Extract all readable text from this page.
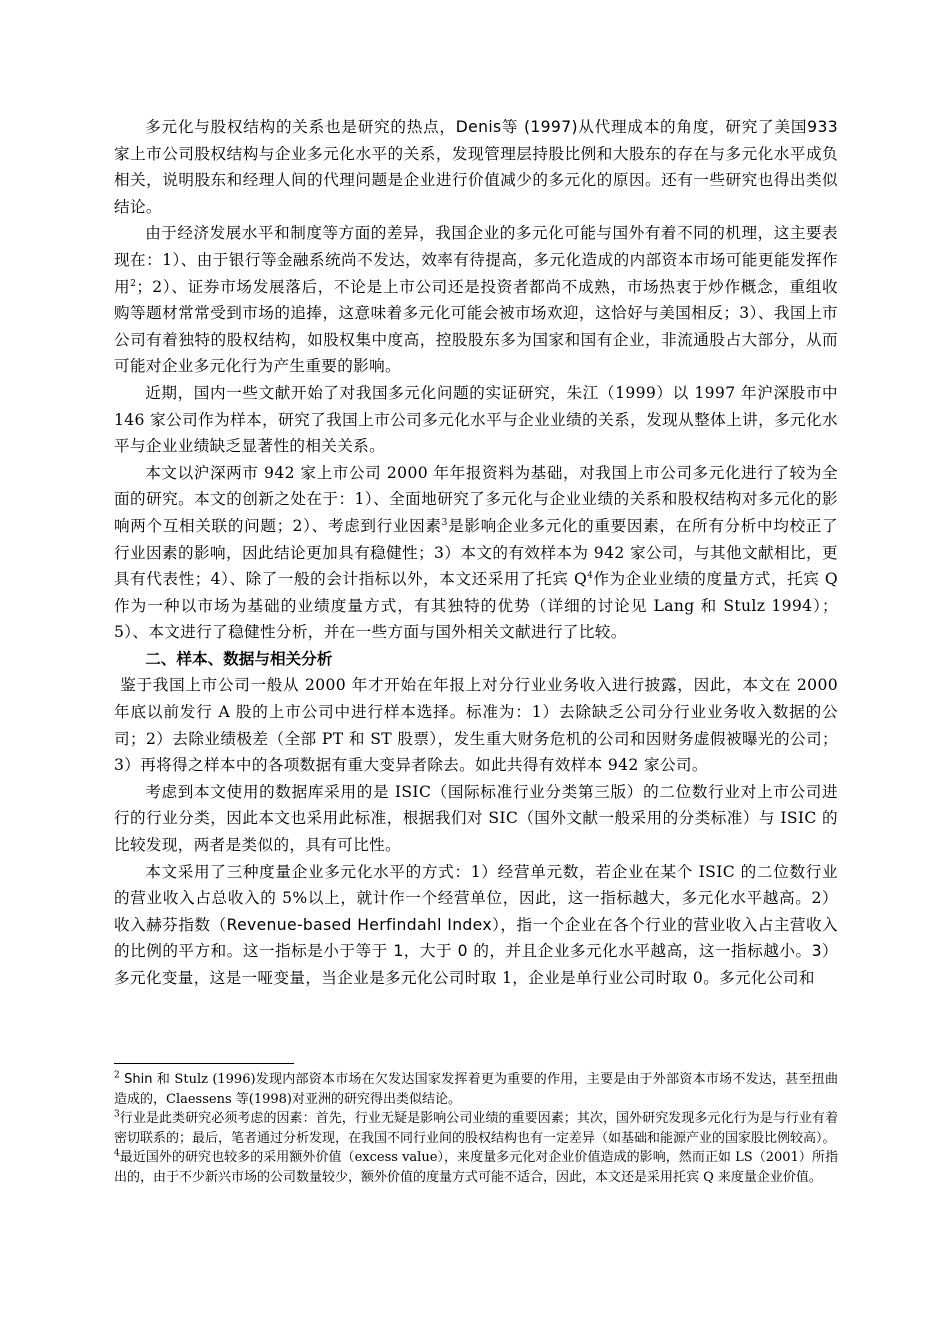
多元化与股权结构的关系也是研究的热点，Denis等 (1997)从代理成本的角度，研究了美国933家上市公司股权结构与企业多元化水平的关系，发现管理层持股比例和大股东的存在与多元化水平成负相关，说明股东和经理人间的代理问题是企业进行价值减少的多元化的原因。还有一些研究也得出类似结论。

由于经济发展水平和制度等方面的差异，我国企业的多元化可能与国外有着不同的机理，这主要表现在：1）、由于银行等金融系统尚不发达，效率有待提高，多元化造成的内部资本市场可能更能发挥作用$^2$；2）、证券市场发展落后，不论是上市公司还是投资者都尚不成熟，市场热衷于炒作概念，重组收购等题材常常受到市场的追捧，这意味着多元化可能会被市场欢迎，这恰好与美国相反；3）、我国上市公司有着独特的股权结构，如股权集中度高，控股股东多为国家和国有企业，非流通股占大部分，从而可能对企业多元化行为产生重要的影响。

近期，国内一些文献开始了对我国多元化问题的实证研究，朱江（1999）以 1997 年沪深股市中 146 家公司作为样本，研究了我国上市公司多元化水平与企业业绩的关系，发现从整体上讲，多元化水平与企业业绩缺乏显著性的相关关系。

本文以沪深两市 942 家上市公司 2000 年年报资料为基础，对我国上市公司多元化进行了较为全面的研究。本文的创新之处在于：1）、全面地研究了多元化与企业业绩的关系和股权结构对多元化的影响两个互相关联的问题；2）、考虑到行业因素$^3$是影响企业多元化的重要因素，在所有分析中均校正了行业因素的影响，因此结论更加具有稳健性；3）本文的有效样本为 942 家公司，与其他文献相比，更具有代表性；4）、除了一般的会计指标以外，本文还采用了托宾 $Q^4$作为企业业绩的度量方式，托宾 Q 作为一种以市场为基础的业绩度量方式，有其独特的优势（详细的讨论见 Lang 和 Stulz 1994）；5）、本文进行了稳健性分析，并在一些方面与国外相关文献进行了比较。

二、样本、数据与相关分析

鉴于我国上市公司一般从 2000 年才开始在年报上对分行业业务收入进行披露，因此，本文在 2000 年底以前发行 A 股的上市公司中进行样本选择。标准为：1）去除缺乏公司分行业业务收入数据的公司；2）去除业绩极差（全部 PT 和 ST 股票），发生重大财务危机的公司和因财务虚假被曝光的公司；3）再将得之样本中的各项数据有重大变异者除去。如此共得有效样本 942 家公司。

考虑到本文使用的数据库采用的是 ISIC（国际标准行业分类第三版）的二位数行业对上市公司进行的行业分类，因此本文也采用此标准，根据我们对 SIC（国外文献一般采用的分类标准）与 ISIC 的比较发现，两者是类似的，具有可比性。

本文采用了三种度量企业多元化水平的方式：1）经营单元数，若企业在某个 ISIC 的二位数行业的营业收入占总收入的 5%以上，就计作一个经营单位，因此，这一指标越大，多元化水平越高。2）收入赫芬指数（Revenue-based Herfindahl Index），指一个企业在各个行业的营业收入占主营收入的比例的平方和。这一指标是小于等于 1，大于 0 的，并且企业多元化水平越高，这一指标越小。3）多元化变量，这是一哑变量，当企业是多元化公司时取 1，企业是单行业公司时取 0。多元化公司和

$^2$ Shin 和 Stulz (1996)发现内部资本市场在欠发达国家发挥着更为重要的作用，主要是由于外部资本市场不发达，甚至扭曲造成的，Claessens 等(1998)对亚洲的研究得出类似结论。

$^3$行业是此类研究必须考虑的因素：首先，行业无疑是影响公司业绩的重要因素；其次，国外研究发现多元化行为是与行业有着密切联系的；最后，笔者通过分析发现，在我国不同行业间的股权结构也有一定差异（如基础和能源产业的国家股比例较高）。

$^4$最近国外的研究也较多的采用额外价值（excess value），来度量多元化对企业价值造成的影响，然而正如 LS（2001）所指出的，由于不少新兴市场的公司数量较少，额外价值的度量方式可能不适合，因此，本文还是采用托宾 Q 来度量企业价值。
